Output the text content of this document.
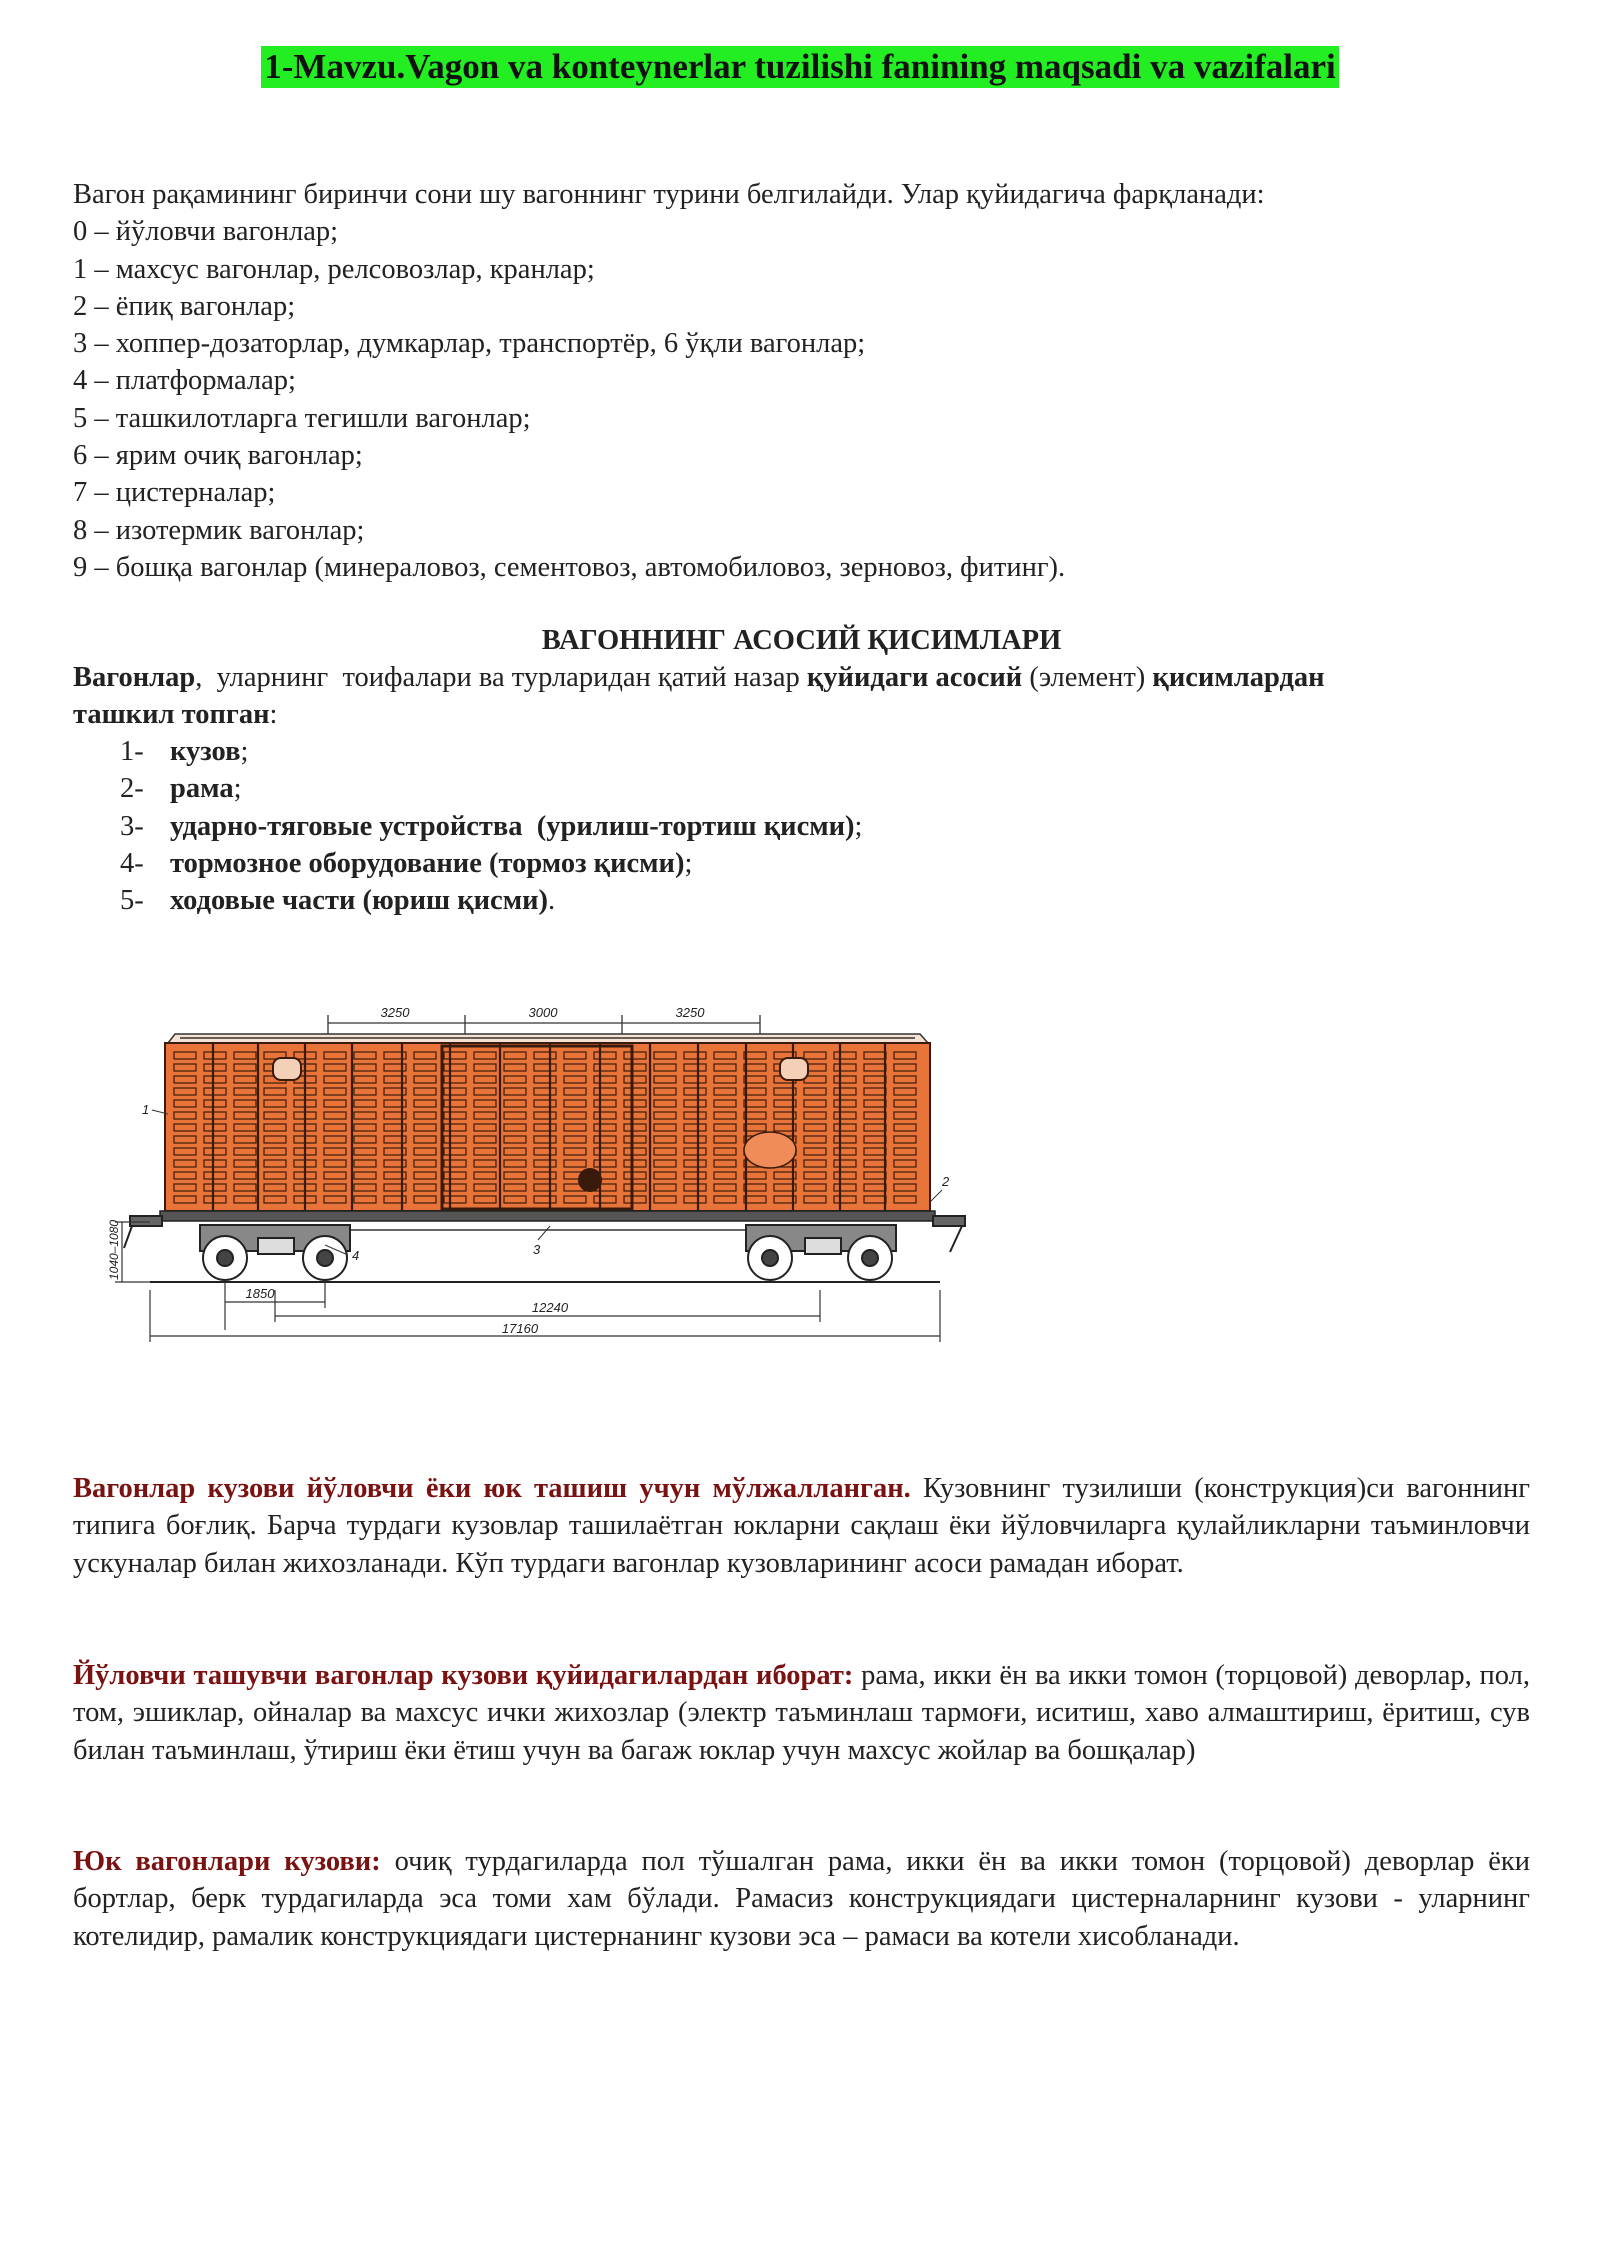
1-Mavzu.Vagon va konteynerlar tuzilishi fanining maqsadi va vazifalari
Вагон рақамининг биринчи сони шу вагоннинг турини белгилайди. Улар қуйидагича фарқланади:
0 – йўловчи вагонлар;
1 – махсус вагонлар, релсовозлар, кранлар;
2 – ёпиқ вагонлар;
3 – хоппер-дозаторлар, думкарлар, транспортёр, 6 ўқли вагонлар;
4 – платформалар;
5 – ташкилотларга тегишли вагонлар;
6 – ярим очиқ вагонлар;
7 – цистерналар;
8 – изотермик вагонлар;
9 – бошқа вагонлар (минераловоз, сементовоз, автомобиловоз, зерновоз, фитинг).
ВАГОННИНГ АСОСИЙ ҚИСИМЛАРИ
Вагонлар,  уларнинг  тоифалари ва турларидан қатий назар қуйидаги асосий (элемент) қисимлардан
ташкил топган:
1- кузов ;
2- рама ;
3- ударно-тяговые устройства  (урилиш-тортиш қисми) ;
4- тормозное оборудование (тормоз қисми) ;
5- ходовые части (юриш қисми) .
3250	3000	3250
1040–1080
1850
12240
17160
1
2
3
4
Вагонлар кузови йўловчи ёки юк ташиш учун мўлжалланган. Кузовнинг тузилиши (конструкция)си вагоннинг типига боғлиқ. Барча турдаги кузовлар ташилаётган юкларни сақлаш ёки йўловчиларга қулайликларни таъминловчи ускуналар билан жихозланади. Кўп турдаги вагонлар кузовларининг асоси рамадан иборат.
Йўловчи ташувчи вагонлар кузови қуйидагилардан иборат: рама, икки ён ва икки томон (торцовой) деворлар, пол, том, эшиклар, ойналар ва махсус ички жихозлар (электр таъминлаш тармоғи, иситиш, хаво алмаштириш, ёритиш, сув билан таъминлаш, ўтириш ёки ётиш учун ва багаж юклар учун махсус жойлар ва бошқалар)
Юк вагонлари кузови: очиқ турдагиларда пол тўшалган рама, икки ён ва икки томон (торцовой) деворлар ёки бортлар, берк турдагиларда эса томи хам бўлади. Рамасиз конструкциядаги цистерналарнинг кузови - уларнинг котелидир, рамалик конструкциядаги цистернанинг кузови эса – рамаси ва котели хисобланади.
